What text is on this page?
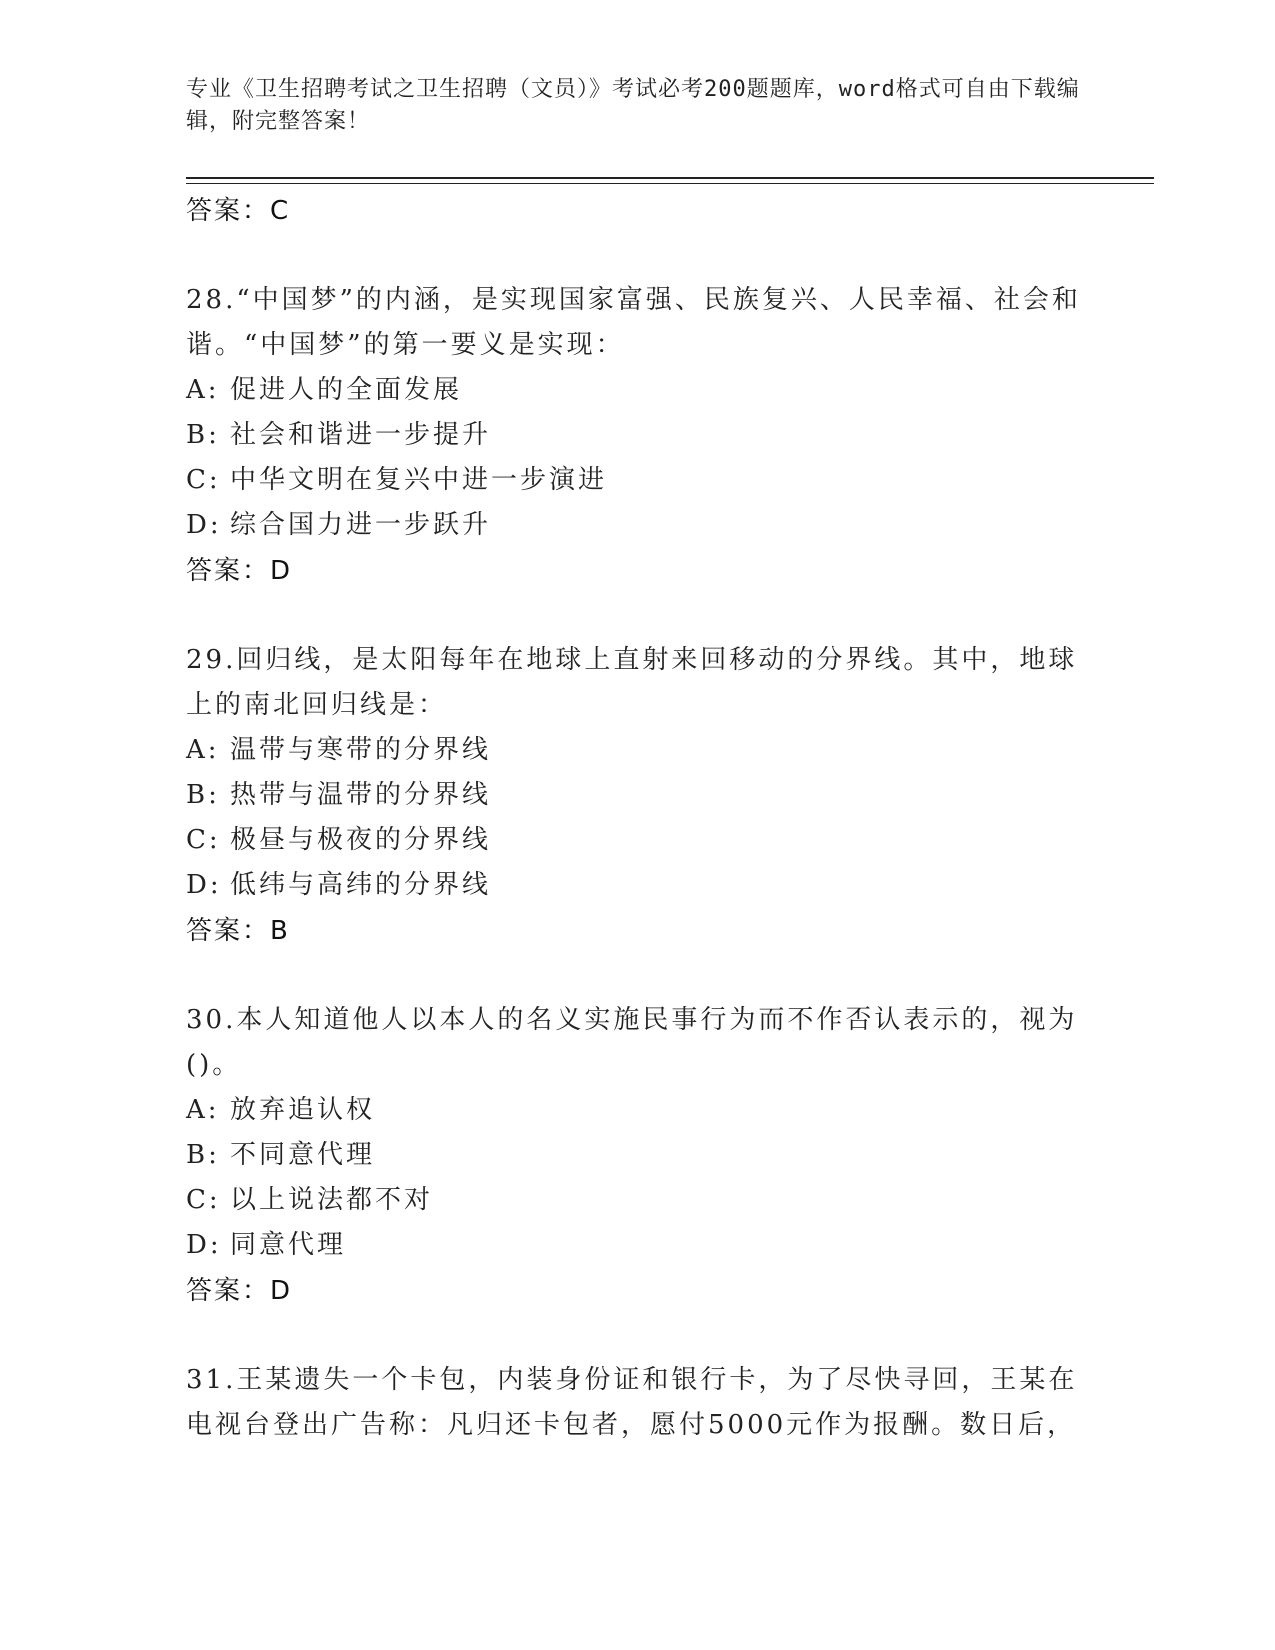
专业《卫生招聘考试之卫生招聘（文员）》考试必考200题题库，word格式可自由下载编辑，附完整答案！
答案：C
28.“中国梦”的内涵，是实现国家富强、民族复兴、人民幸福、社会和谐。“中国梦”的第一要义是实现：
A: 促进人的全面发展
B: 社会和谐进一步提升
C: 中华文明在复兴中进一步演进
D: 综合国力进一步跃升
答案：D
29.回归线，是太阳每年在地球上直射来回移动的分界线。其中，地球上的南北回归线是：
A: 温带与寒带的分界线
B: 热带与温带的分界线
C: 极昼与极夜的分界线
D: 低纬与高纬的分界线
答案：B
30.本人知道他人以本人的名义实施民事行为而不作否认表示的，视为()。
A: 放弃追认权
B: 不同意代理
C: 以上说法都不对
D: 同意代理
答案：D
31.王某遗失一个卡包，内装身份证和银行卡，为了尽快寻回，王某在电视台登出广告称：凡归还卡包者，愿付5000元作为报酬。数日后，
